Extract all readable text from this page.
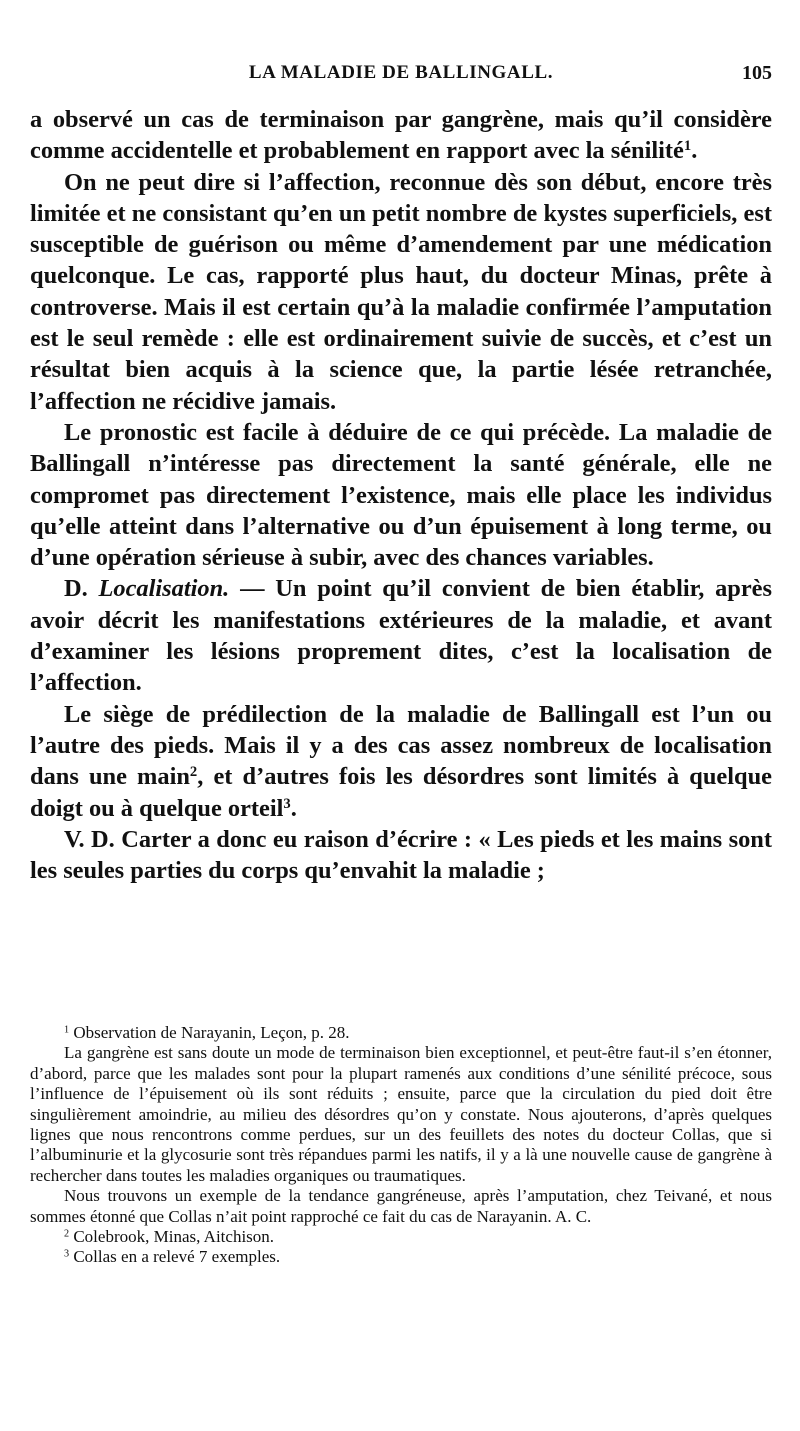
LA MALADIE DE BALLINGALL.	105

a observé un cas de terminaison par gangrène, mais qu’il considère comme accidentelle et probablement en rapport avec la sénilité$^1$.

On ne peut dire si l’affection, reconnue dès son début, encore très limitée et ne consistant qu’en un petit nombre de kystes superficiels, est susceptible de guérison ou même d’amendement par une médication quelconque. Le cas, rapporté plus haut, du docteur Minas, prête à controverse. Mais il est certain qu’à la maladie confirmée l’amputation est le seul remède : elle est ordinairement suivie de succès, et c’est un résultat bien acquis à la science que, la partie lésée retranchée, l’affection ne récidive jamais.

Le pronostic est facile à déduire de ce qui précède. La maladie de Ballingall n’intéresse pas directement la santé générale, elle ne compromet pas directement l’existence, mais elle place les individus qu’elle atteint dans l’alternative ou d’un épuisement à long terme, ou d’une opération sérieuse à subir, avec des chances variables.

D. Localisation. — Un point qu’il convient de bien établir, après avoir décrit les manifestations extérieures de la maladie, et avant d’examiner les lésions proprement dites, c’est la localisation de l’affection.

Le siège de prédilection de la maladie de Ballingall est l’un ou l’autre des pieds. Mais il y a des cas assez nombreux de localisation dans une main$^2$, et d’autres fois les désordres sont limités à quelque doigt ou à quelque orteil$^3$.

V. D. Carter a donc eu raison d’écrire : « Les pieds et les mains sont les seules parties du corps qu’envahit la maladie ;

$^1$ Observation de Narayanin, Leçon, p. 28.

La gangrène est sans doute un mode de terminaison bien exceptionnel, et peut-être faut-il s’en étonner, d’abord, parce que les malades sont pour la plupart ramenés aux conditions d’une sénilité précoce, sous l’influence de l’épuisement où ils sont réduits ; ensuite, parce que la circulation du pied doit être singulièrement amoindrie, au milieu des désordres qu’on y constate. Nous ajouterons, d’après quelques lignes que nous rencontrons comme perdues, sur un des feuillets des notes du docteur Collas, que si l’albuminurie et la glycosurie sont très répandues parmi les natifs, il y a là une nouvelle cause de gangrène à rechercher dans toutes les maladies organiques ou traumatiques.

Nous trouvons un exemple de la tendance gangréneuse, après l’amputation, chez Teivané, et nous sommes étonné que Collas n’ait point rapproché ce fait du cas de Narayanin. A. C.

$^2$ Colebrook, Minas, Aitchison.

$^3$ Collas en a relevé 7 exemples.
